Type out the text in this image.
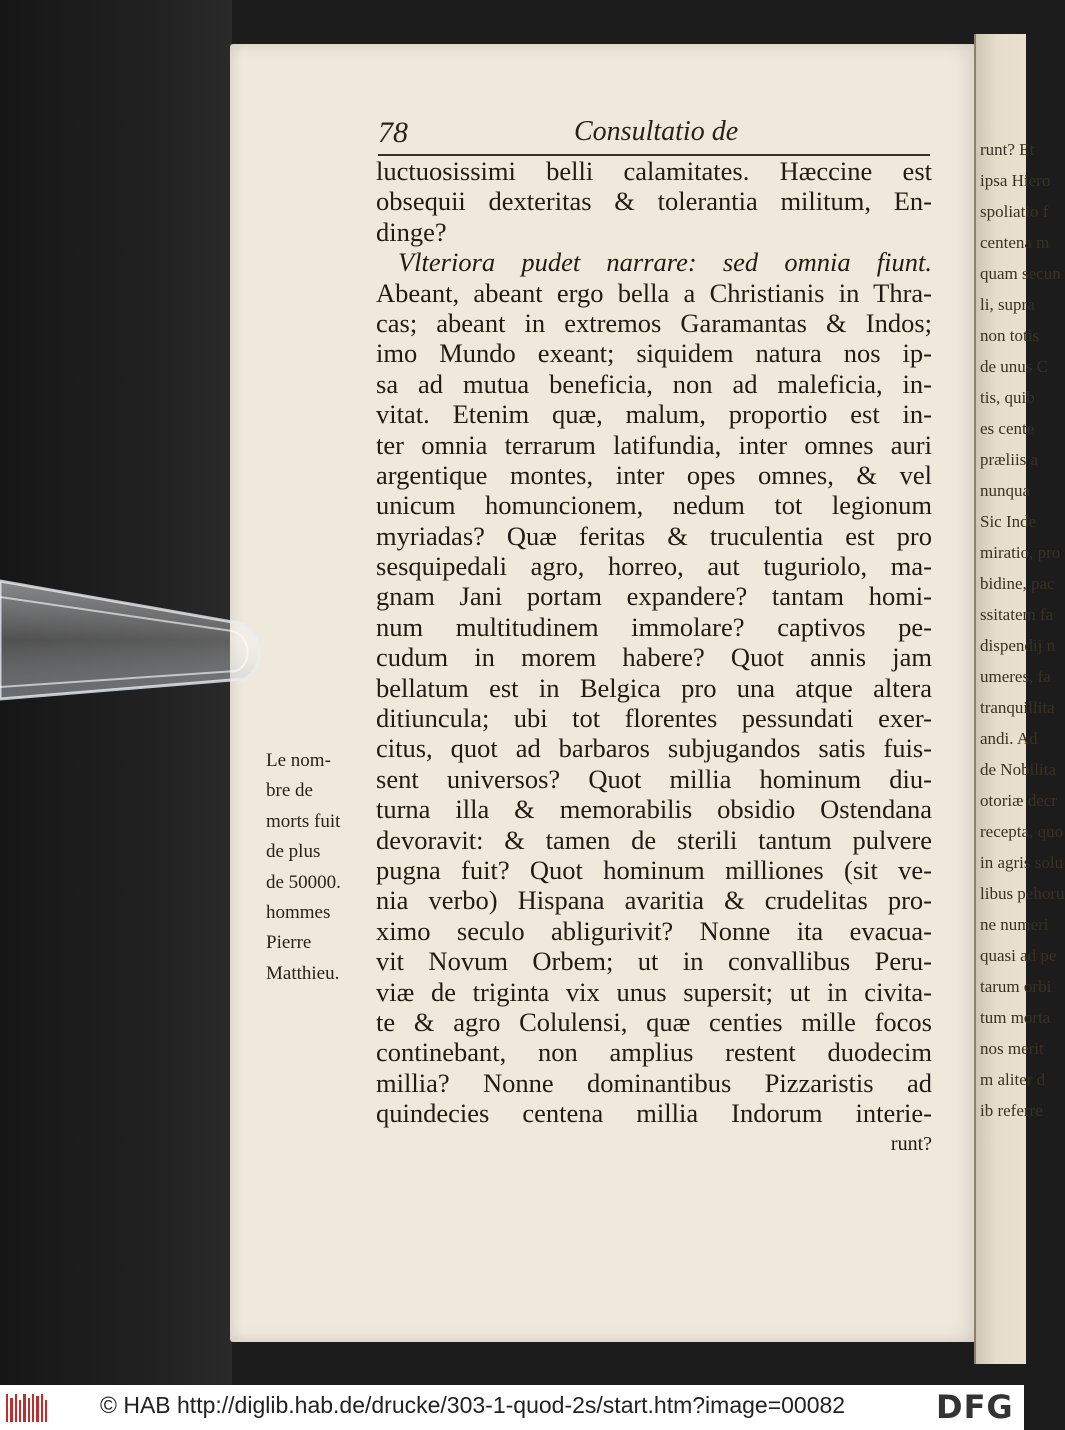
runt? Et
ipsa Hiero
spoliatio f
centena m
quam secun
li, supra
non totis
de unus C
tis, quib
es cente
præliis a
nunqua
Sic Inde
miratio, pro
bidine, pac
ssitatem fa
dispendij n
umeres, fa
tranquillita
andi. Ad
de Nobilita
otoriæ decr
recepta, quo
in agris solu
libus pehoru
ne numeri
quasi ad pe
tarum orbi
tum morta
nos merit
m aliter d
ib referre
78	Consultatio de
luctuosissimi belli calamitates. Hæccine est
obsequii dexteritas & tolerantia militum, En-
dinge?
Vlteriora pudet narrare: sed omnia fiunt.
Abeant, abeant ergo bella a Christianis in Thra-
cas; abeant in extremos Garamantas & Indos;
imo Mundo exeant; siquidem natura nos ip-
sa ad mutua beneficia, non ad maleficia, in-
vitat. Etenim quæ, malum, proportio est in-
ter omnia terrarum latifundia, inter omnes auri
argentique montes, inter opes omnes, & vel
unicum homuncionem, nedum tot legionum
myriadas? Quæ feritas & truculentia est pro
sesquipedali agro, horreo, aut tuguriolo, ma-
gnam Jani portam expandere? tantam homi-
num multitudinem immolare? captivos pe-
cudum in morem habere? Quot annis jam
bellatum est in Belgica pro una atque altera
ditiuncula; ubi tot florentes pessundati exer-
citus, quot ad barbaros subjugandos satis fuis-
sent universos? Quot millia hominum diu-
turna illa & memorabilis obsidio Ostendana
devoravit: & tamen de sterili tantum pulvere
pugna fuit? Quot hominum milliones (sit ve-
nia verbo) Hispana avaritia & crudelitas pro-
ximo seculo abligurivit? Nonne ita evacua-
vit Novum Orbem; ut in convallibus Peru-
viæ de triginta vix unus supersit; ut in civita-
te & agro Colulensi, quæ centies mille focos
continebant, non amplius restent duodecim
millia? Nonne dominantibus Pizzaristis ad
quindecies centena millia Indorum interie-
runt?
Le nom-
bre de
morts fuit
de plus
de 50000.
hommes
Pierre
Matthieu.
© HAB http://diglib.hab.de/drucke/303-1-quod-2s/start.htm?image=00082	DFG
